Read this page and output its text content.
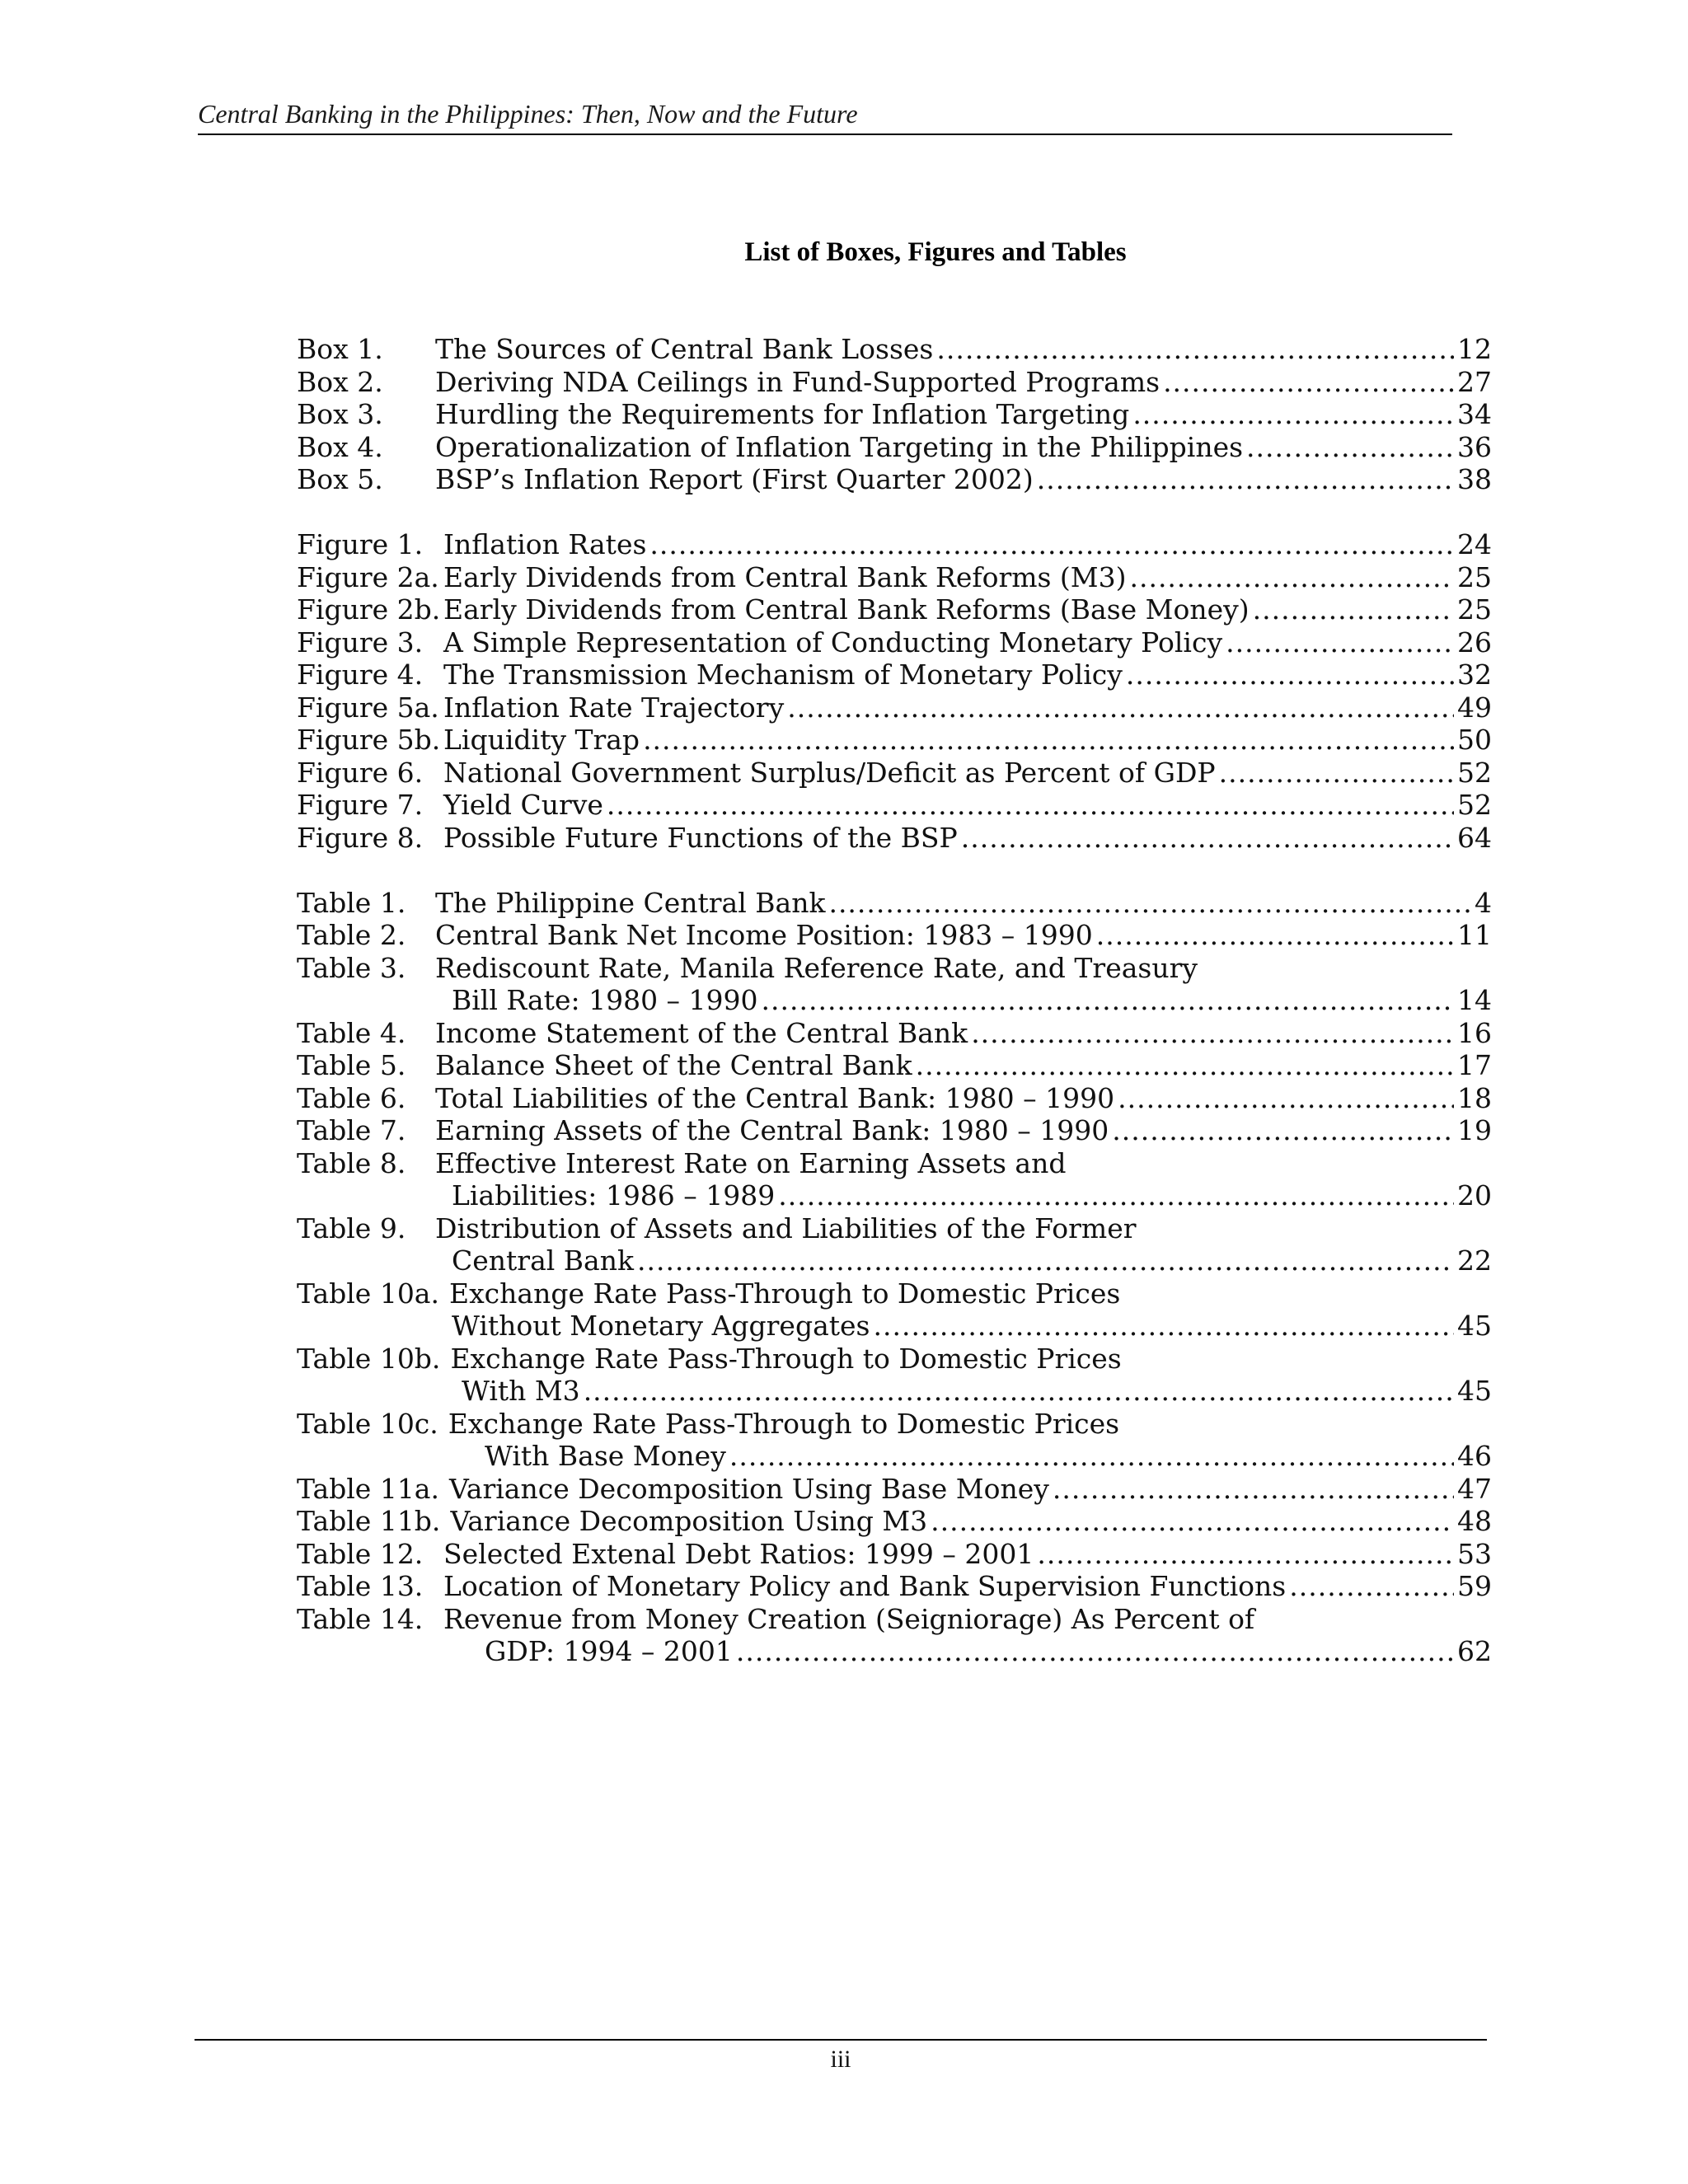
Central Banking in the Philippines: Then, Now and the Future
List of Boxes, Figures and Tables
Box 1.	The Sources of Central Bank Losses .....	12
Box 2.	Deriving NDA Ceilings in Fund-Supported Programs .....	27
Box 3.	Hurdling the Requirements for Inflation Targeting .....	34
Box 4.	Operationalization of Inflation Targeting in the Philippines .....	36
Box 5.	BSP’s Inflation Report (First Quarter 2002) .....	38
Figure 1. Inflation Rates .....	24
Figure 2a. Early Dividends from Central Bank Reforms (M3) .....	25
Figure 2b. Early Dividends from Central Bank Reforms (Base Money) .....	25
Figure 3. A Simple Representation of Conducting Monetary Policy .....	26
Figure 4. The Transmission Mechanism of Monetary Policy .....	32
Figure 5a. Inflation Rate Trajectory .....	49
Figure 5b. Liquidity Trap .....	50
Figure 6. National Government Surplus/Deficit as Percent of GDP .....	52
Figure 7. Yield Curve .....	52
Figure 8. Possible Future Functions of the BSP .....	64
Table 1.	The Philippine Central Bank .....	4
Table 2.	Central Bank Net Income Position: 1983 – 1990 .....	11
Table 3.	Rediscount Rate, Manila Reference Rate, and Treasury
Bill Rate: 1980 – 1990 .....	14
Table 4.	Income Statement of the Central Bank .....	16
Table 5.	Balance Sheet of the Central Bank .....	17
Table 6.	Total Liabilities of the Central Bank: 1980 – 1990 .....	18
Table 7.	Earning Assets of the Central Bank: 1980 – 1990 .....	19
Table 8.	Effective Interest Rate on Earning Assets and
Liabilities: 1986 – 1989 .....	20
Table 9.	Distribution of Assets and Liabilities of the Former
Central Bank .....	22
Table 10a. Exchange Rate Pass-Through to Domestic Prices
Without Monetary Aggregates .....	45
Table 10b. Exchange Rate Pass-Through to Domestic Prices
With M3 .....	45
Table 10c. Exchange Rate Pass-Through to Domestic Prices
With Base Money .....	46
Table 11a. Variance Decomposition Using Base Money .....	47
Table 11b. Variance Decomposition Using M3 .....	48
Table 12. Selected Extenal Debt Ratios: 1999 – 2001 .....	53
Table 13. Location of Monetary Policy and Bank Supervision Functions .....	59
Table 14. Revenue from Money Creation (Seigniorage) As Percent of
GDP: 1994 – 2001 .....	62
iii
